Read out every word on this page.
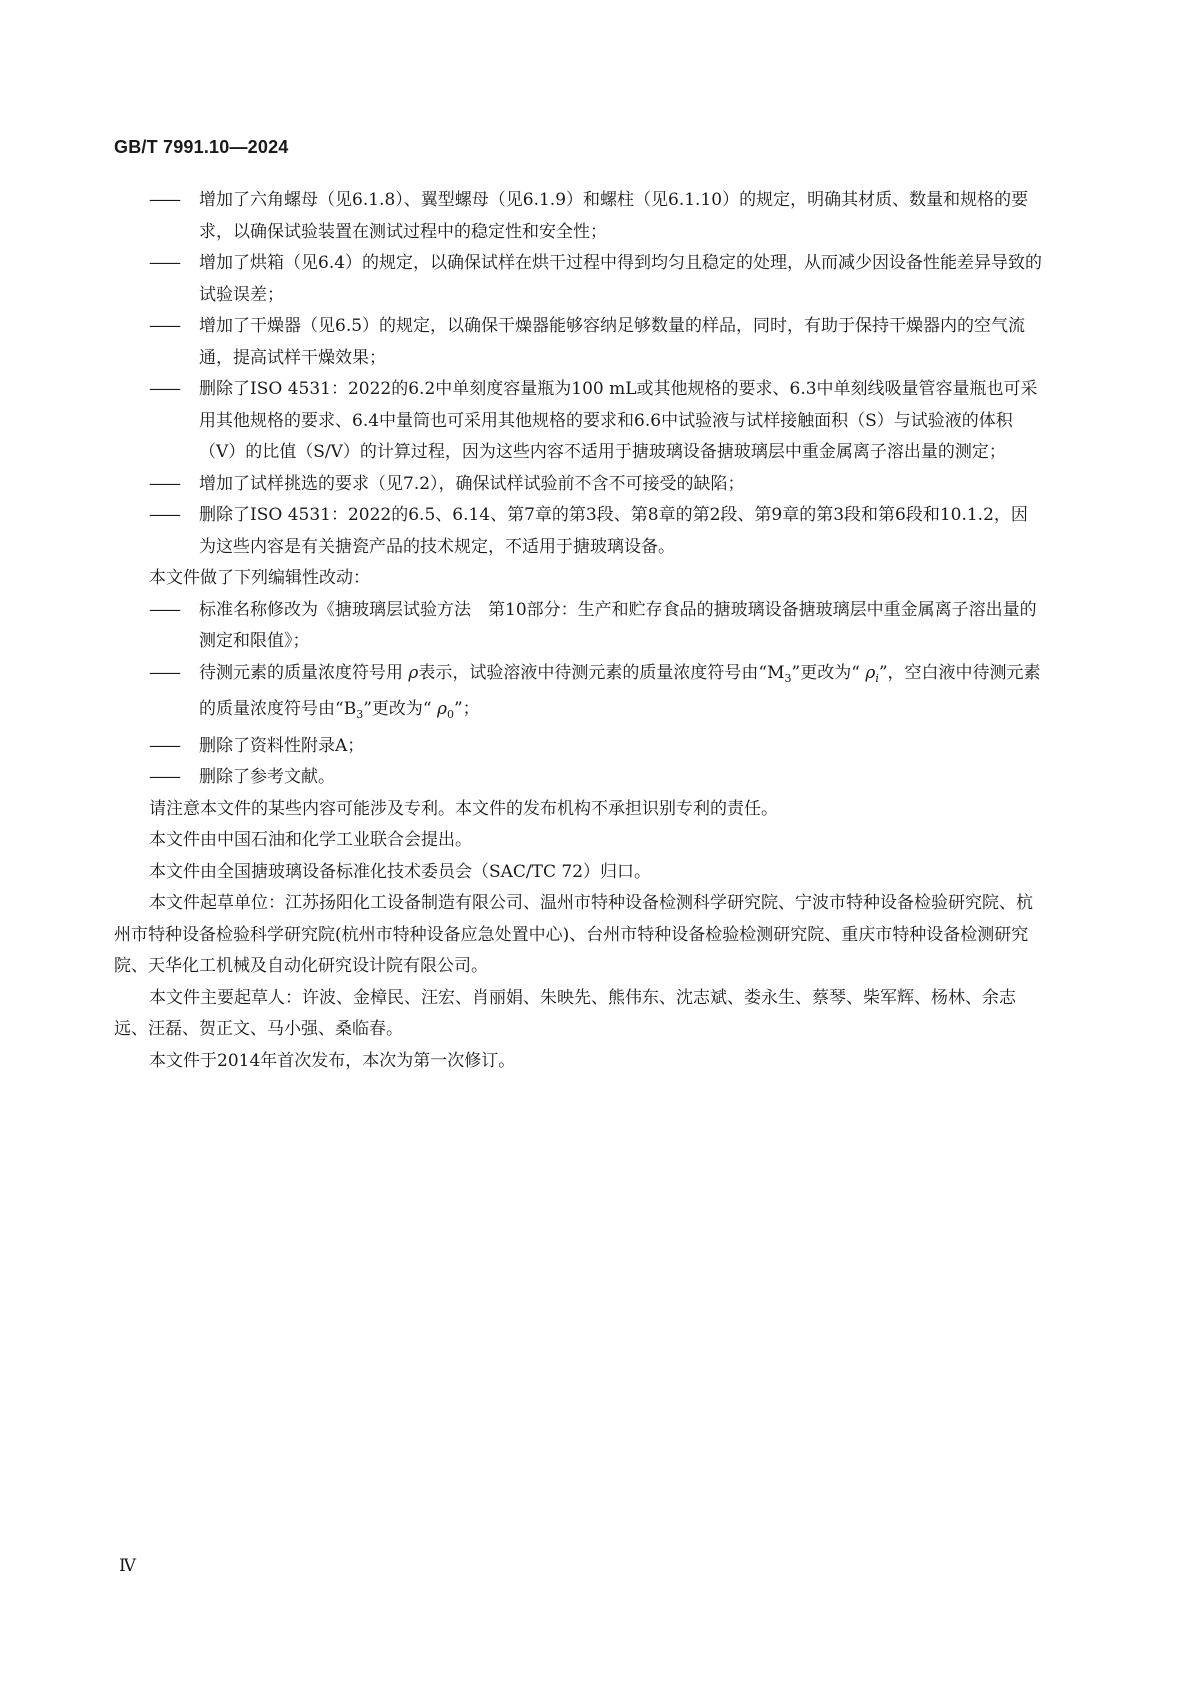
GB/T 7991.10—2024
——	增加了六角螺母（见6.1.8）、翼型螺母（见6.1.9）和螺柱（见6.1.10）的规定，明确其材质、数量和规格的要求，以确保试验装置在测试过程中的稳定性和安全性；
——	增加了烘箱（见6.4）的规定，以确保试样在烘干过程中得到均匀且稳定的处理，从而减少因设备性能差异导致的试验误差；
——	增加了干燥器（见6.5）的规定，以确保干燥器能够容纳足够数量的样品，同时，有助于保持干燥器内的空气流通，提高试样干燥效果；
——	删除了ISO 4531：2022的6.2中单刻度容量瓶为100 mL或其他规格的要求、6.3中单刻线吸量管容量瓶也可采用其他规格的要求、6.4中量筒也可采用其他规格的要求和6.6中试验液与试样接触面积（S）与试验液的体积（V）的比值（S/V）的计算过程，因为这些内容不适用于搪玻璃设备搪玻璃层中重金属离子溶出量的测定；
——	增加了试样挑选的要求（见7.2），确保试样试验前不含不可接受的缺陷；
——	删除了ISO 4531：2022的6.5、6.14、第7章的第3段、第8章的第2段、第9章的第3段和第6段和10.1.2，因为这些内容是有关搪瓷产品的技术规定，不适用于搪玻璃设备。

本文件做了下列编辑性改动：

——	标准名称修改为《搪玻璃层试验方法　第10部分：生产和贮存食品的搪玻璃设备搪玻璃层中重金属离子溶出量的测定和限值》；
——	待测元素的质量浓度符号用 ρ表示，试验溶液中待测元素的质量浓度符号由“$M_3$”更改为“ $\rho_i$”，空白液中待测元素的质量浓度符号由“$B_3$”更改为“ $\rho_0$”；
——	删除了资料性附录A；
——	删除了参考文献。

请注意本文件的某些内容可能涉及专利。本文件的发布机构不承担识别专利的责任。

本文件由中国石油和化学工业联合会提出。

本文件由全国搪玻璃设备标准化技术委员会（SAC/TC 72）归口。

本文件起草单位：江苏扬阳化工设备制造有限公司、温州市特种设备检测科学研究院、宁波市特种设备检验研究院、杭州市特种设备检验科学研究院(杭州市特种设备应急处置中心)、台州市特种设备检验检测研究院、重庆市特种设备检测研究院、天华化工机械及自动化研究设计院有限公司。

本文件主要起草人：许波、金樟民、汪宏、肖丽娟、朱映先、熊伟东、沈志斌、娄永生、蔡琴、柴军辉、杨林、余志远、汪磊、贺正文、马小强、桑临春。

本文件于2014年首次发布，本次为第一次修订。

Ⅳ
